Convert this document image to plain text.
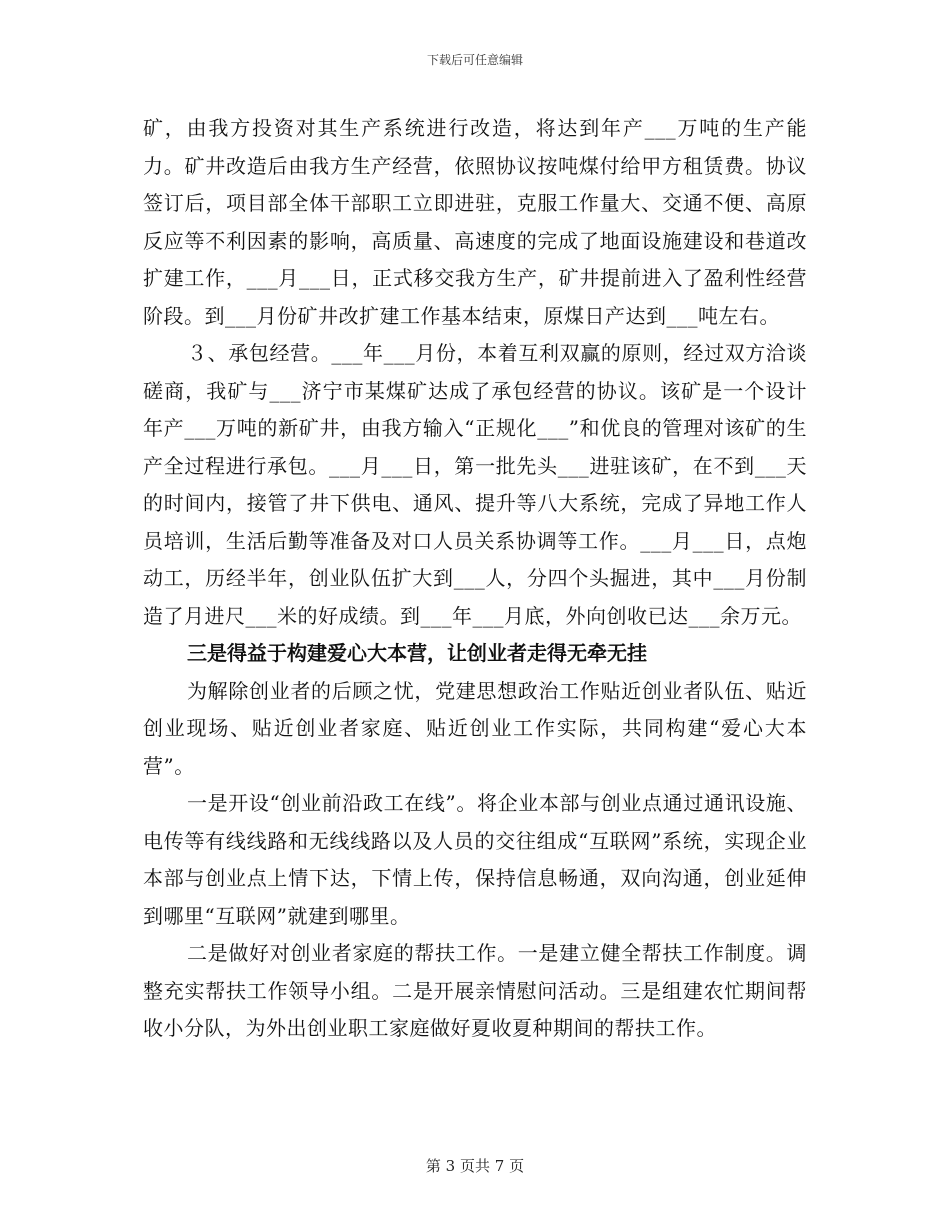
下载后可任意编辑

矿，由我方投资对其生产系统进行改造，将达到年产___万吨的生产能力。矿井改造后由我方生产经营，依照协议按吨煤付给甲方租赁费。协议签订后，项目部全体干部职工立即进驻，克服工作量大、交通不便、高原反应等不利因素的影响，高质量、高速度的完成了地面设施建设和巷道改扩建工作，___月___日，正式移交我方生产，矿井提前进入了盈利性经营阶段。到___月份矿井改扩建工作基本结束，原煤日产达到___吨左右。

３、承包经营。___年___月份，本着互利双赢的原则，经过双方洽谈磋商，我矿与___济宁市某煤矿达成了承包经营的协议。该矿是一个设计年产___万吨的新矿井，由我方输入“正规化___”和优良的管理对该矿的生产全过程进行承包。___月___日，第一批先头___进驻该矿，在不到___天的时间内，接管了井下供电、通风、提升等八大系统，完成了异地工作人员培训，生活后勤等准备及对口人员关系协调等工作。___月___日，点炮动工，历经半年，创业队伍扩大到___人，分四个头掘进，其中___月份制造了月进尺___米的好成绩。到___年___月底，外向创收已达___余万元。

三是得益于构建爱心大本营，让创业者走得无牵无挂

为解除创业者的后顾之忧，党建思想政治工作贴近创业者队伍、贴近创业现场、贴近创业者家庭、贴近创业工作实际，共同构建“爱心大本营”。

一是开设“创业前沿政工在线”。将企业本部与创业点通过通讯设施、电传等有线线路和无线线路以及人员的交往组成“互联网”系统，实现企业本部与创业点上情下达，下情上传，保持信息畅通，双向沟通，创业延伸到哪里“互联网”就建到哪里。

二是做好对创业者家庭的帮扶工作。一是建立健全帮扶工作制度。调整充实帮扶工作领导小组。二是开展亲情慰问活动。三是组建农忙期间帮收小分队，为外出创业职工家庭做好夏收夏种期间的帮扶工作。

第 3 页共 7 页
